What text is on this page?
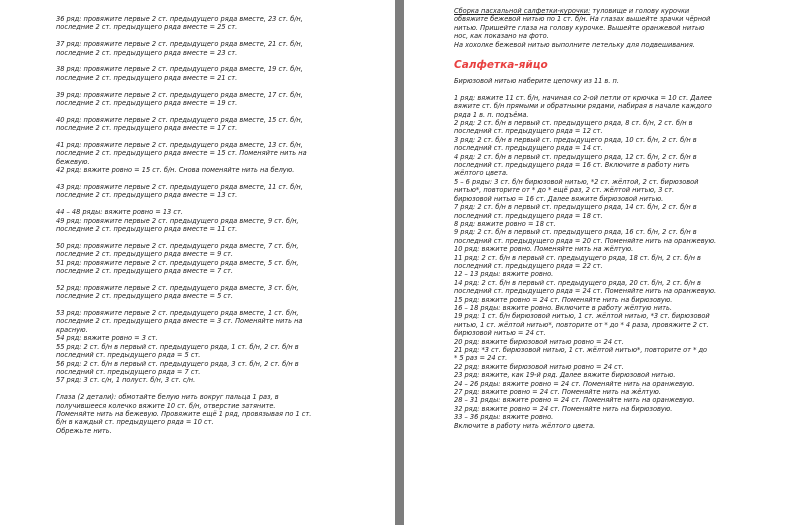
36 ряд: провяжите первые 2 ст. предыдущего ряда вместе, 23 ст. б/н,
последние 2 ст. предыдущего ряда вместе = 25 ст.
37 ряд: провяжите первые 2 ст. предыдущего ряда вместе, 21 ст. б/н,
последние 2 ст. предыдущего ряда вместе = 23 ст.
38 ряд: провяжите первые 2 ст. предыдущего ряда вместе, 19 ст. б/н,
последние 2 ст. предыдущего ряда вместе = 21 ст.
39 ряд: провяжите первые 2 ст. предыдущего ряда вместе, 17 ст. б/н,
последние 2 ст. предыдущего ряда вместе = 19 ст.
40 ряд: провяжите первые 2 ст. предыдущего ряда вместе, 15 ст. б/н,
последние 2 ст. предыдущего ряда вместе = 17 ст.
41 ряд: провяжите первые 2 ст. предыдущего ряда вместе, 13 ст. б/н,
последние 2 ст. предыдущего ряда вместе = 15 ст. Поменяйте нить на
бежевую.
42 ряд: вяжите ровно = 15 ст. б/н. Снова поменяйте нить на белую.
43 ряд: провяжите первые 2 ст. предыдущего ряда вместе, 11 ст. б/н,
последние 2 ст. предыдущего ряда вместе = 13 ст.
44 – 48 ряды: вяжите ровно = 13 ст.
49 ряд: провяжите первые 2 ст. предыдущего ряда вместе, 9 ст. б/н,
последние 2 ст. предыдущего ряда вместе = 11 ст.
50 ряд: провяжите первые 2 ст. предыдущего ряда вместе, 7 ст. б/н,
последние 2 ст. предыдущего ряда вместе = 9 ст.
51 ряд: провяжите первые 2 ст. предыдущего ряда вместе, 5 ст. б/н,
последние 2 ст. предыдущего ряда вместе = 7 ст.
52 ряд: провяжите первые 2 ст. предыдущего ряда вместе, 3 ст. б/н,
последние 2 ст. предыдущего ряда вместе = 5 ст.
53 ряд: провяжите первые 2 ст. предыдущего ряда вместе, 1 ст. б/н,
последние 2 ст. предыдущего ряда вместе = 3 ст. Поменяйте нить на
красную.
54 ряд: вяжите ровно = 3 ст.
55 ряд: 2 ст. б/н в первый ст. предыдущего ряда, 1 ст. б/н, 2 ст. б/н в
последний ст. предыдущего ряда = 5 ст.
56 ряд: 2 ст. б/н в первый ст. предыдущего ряда, 3 ст. б/н, 2 ст. б/н в
последний ст. предыдущего ряда = 7 ст.
57 ряд: 3 ст. с/н, 1 полуст. б/н, 3 ст. с/н.
Глаза (2 детали): обмотайте белую нить вокруг пальца 1 раз, в
получившееся колечко вяжите 10 ст. б/н, отверстие затяните.
Поменяйте нить на бежевую. Провяжите ещё 1 ряд, провязывая по 1 ст.
б/н в каждый ст. предыдущего ряда = 10 ст.
Обрежьте нить.
Сборка пасхальной салфетки-курочки: туловище и голову курочки
обвяжите бежевой нитью по 1 ст. б/н. На глазах вышейте зрачки чёрной
нитью. Пришейте глаза на голову курочке. Вышейте оранжевой нитью
нос, как показано на фото.
На хохолке бежевой нитью выполните петельку для подвешивания.
Салфетка-яйцо
Бирюзовой нитью наберите цепочку из 11 в. п.
1 ряд: вяжите 11 ст. б/н, начиная со 2-ой петли от крючка = 10 ст. Далее
вяжите ст. б/н прямыми и обратными рядами, набирая в начале каждого
ряда 1 в. п. подъёма.
2 ряд: 2 ст. б/н в первый ст. предыдущего ряда, 8 ст. б/н, 2 ст. б/н в
последний ст. предыдущего ряда = 12 ст.
3 ряд: 2 ст. б/н в первый ст. предыдущего ряда, 10 ст. б/н, 2 ст. б/н в
последний ст. предыдущего ряда = 14 ст.
4 ряд: 2 ст. б/н в первый ст. предыдущего ряда, 12 ст. б/н, 2 ст. б/н в
последний ст. предыдущего ряда = 16 ст. Включите в работу нить
жёлтого цвета.
5 – 6 ряды: 3 ст. б/н бирюзовой нитью, *2 ст. жёлтой, 2 ст. бирюзовой
нитью*, повторите от * до * ещё раз, 2 ст. жёлтой нитью, 3 ст.
бирюзовой нитью = 16 ст. Далее вяжите бирюзовой нитью.
7 ряд: 2 ст. б/н в первый ст. предыдущего ряда, 14 ст. б/н, 2 ст. б/н в
последний ст. предыдущего ряда = 18 ст.
8 ряд: вяжите ровно = 18 ст.
9 ряд: 2 ст. б/н в первый ст. предыдущего ряда, 16 ст. б/н, 2 ст. б/н в
последний ст. предыдущего ряда = 20 ст. Поменяйте нить на оранжевую.
10 ряд: вяжите ровно. Поменяйте нить на жёлтую.
11 ряд: 2 ст. б/н в первый ст. предыдущего ряда, 18 ст. б/н, 2 ст. б/н в
последний ст. предыдущего ряда = 22 ст.
12 – 13 ряды: вяжите ровно.
14 ряд: 2 ст. б/н в первый ст. предыдущего ряда, 20 ст. б/н, 2 ст. б/н в
последний ст. предыдущего ряда = 24 ст. Поменяйте нить на оранжевую.
15 ряд: вяжите ровно = 24 ст. Поменяйте нить на бирюзовую.
16 – 18 ряды: вяжите ровно. Включите в работу жёлтую нить.
19 ряд: 1 ст. б/н бирюзовой нитью, 1 ст. жёлтой нитью, *3 ст. бирюзовой
нитью, 1 ст. жёлтой нитью*, повторите от * до * 4 раза, провяжите 2 ст.
бирюзовой нитью = 24 ст.
20 ряд: вяжите бирюзовой нитью ровно = 24 ст.
21 ряд: *3 ст. бирюзовой нитью, 1 ст. жёлтой нитью*, повторите от * до
* 5 раз = 24 ст.
22 ряд: вяжите бирюзовой нитью ровно = 24 ст.
23 ряд: вяжите, как 19-й ряд. Далее вяжите бирюзовой нитью.
24 – 26 ряды: вяжите ровно = 24 ст. Поменяйте нить на оранжевую.
27 ряд: вяжите ровно = 24 ст. Поменяйте нить на жёлтую.
28 – 31 ряды: вяжите ровно = 24 ст. Поменяйте нить на оранжевую.
32 ряд: вяжите ровно = 24 ст. Поменяйте нить на бирюзовую.
33 – 36 ряды: вяжите ровно.
Включите в работу нить жёлтого цвета.
